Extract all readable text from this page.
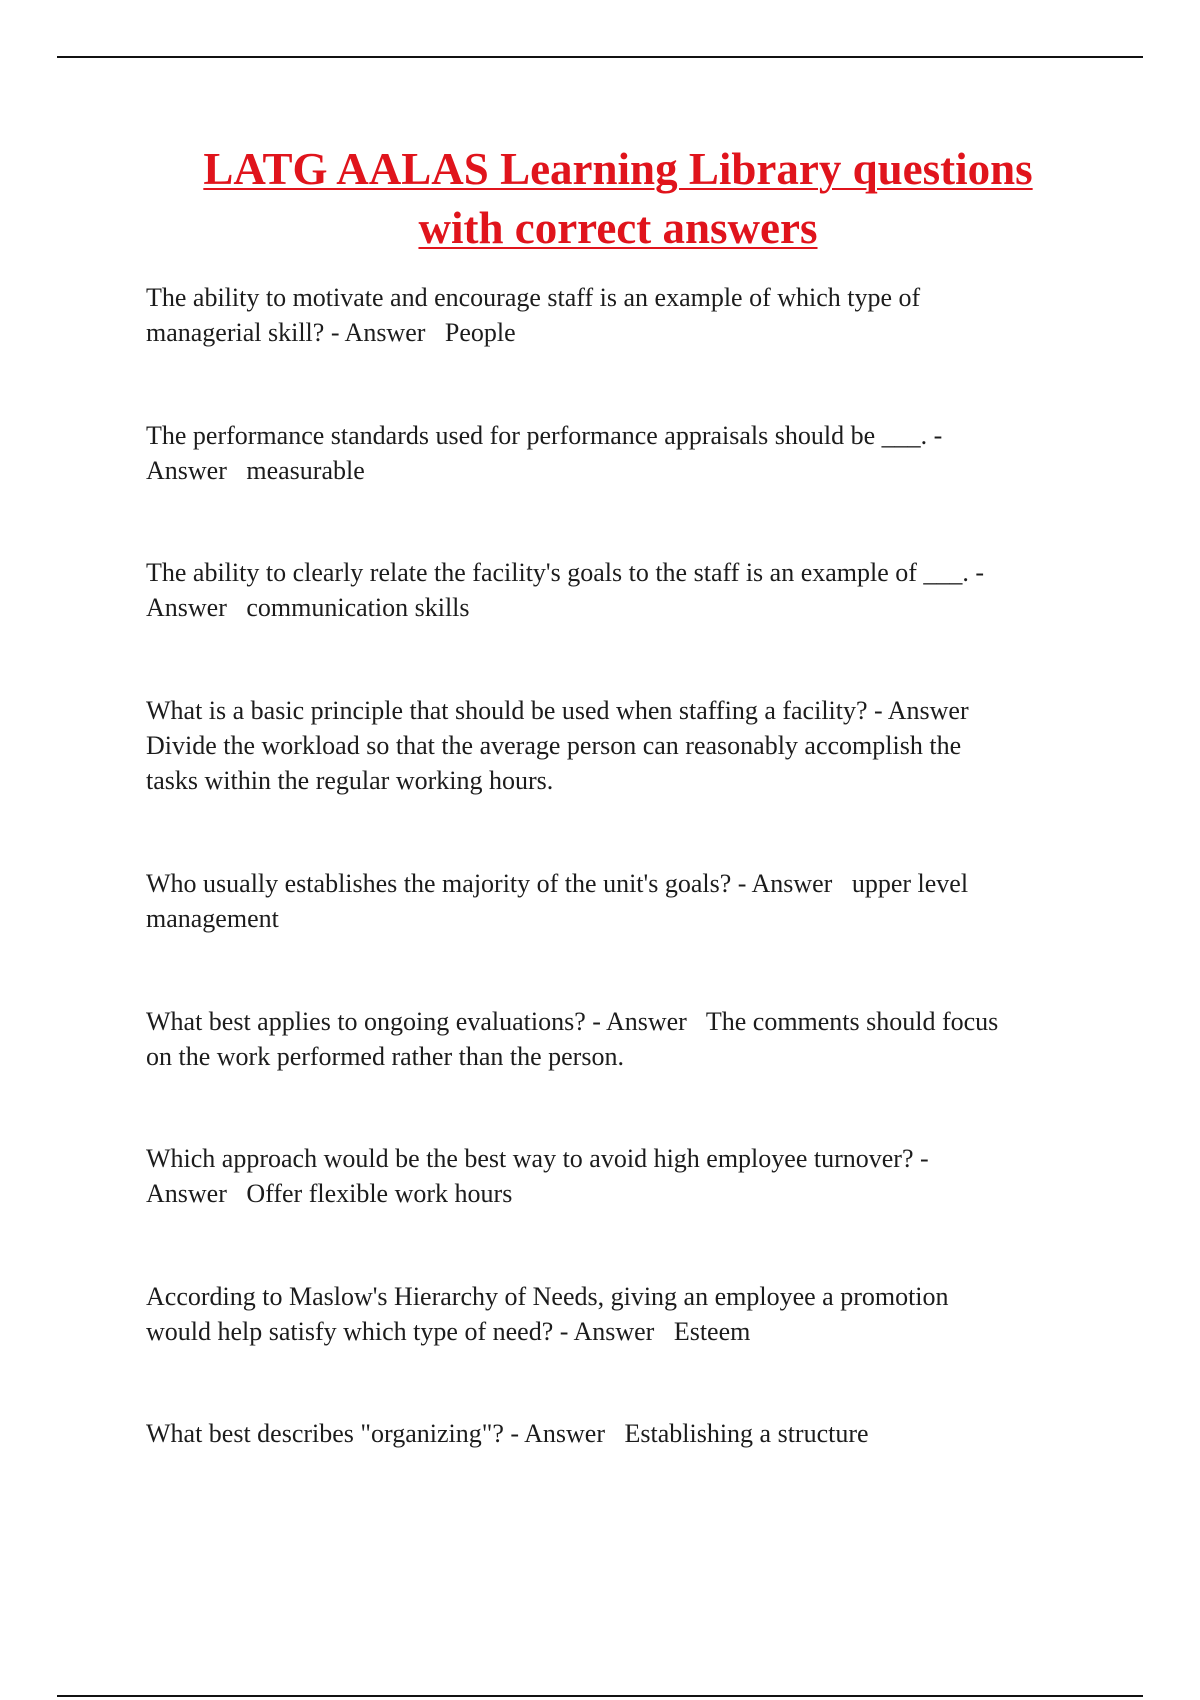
LATG AALAS Learning Library questions
with correct answers

The ability to motivate and encourage staff is an example of which type of
managerial skill? - Answer   People

The performance standards used for performance appraisals should be ___. -
Answer   measurable

The ability to clearly relate the facility's goals to the staff is an example of ___. -
Answer   communication skills

What is a basic principle that should be used when staffing a facility? - Answer
Divide the workload so that the average person can reasonably accomplish the
tasks within the regular working hours.

Who usually establishes the majority of the unit's goals? - Answer   upper level
management

What best applies to ongoing evaluations? - Answer   The comments should focus
on the work performed rather than the person.

Which approach would be the best way to avoid high employee turnover? -
Answer   Offer flexible work hours

According to Maslow's Hierarchy of Needs, giving an employee a promotion
would help satisfy which type of need? - Answer   Esteem

What best describes "organizing"? - Answer   Establishing a structure
